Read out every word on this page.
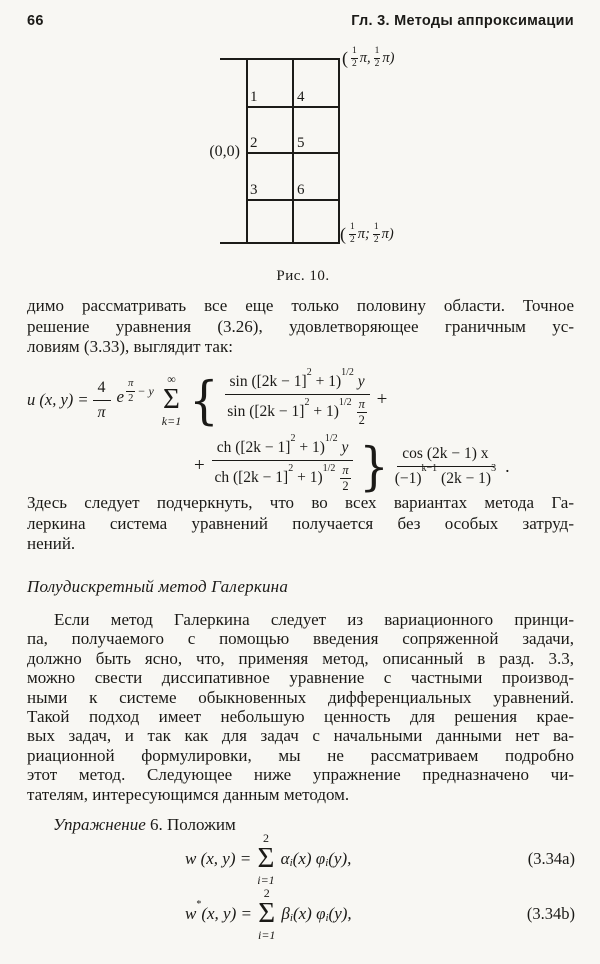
66	Гл. 3. Методы аппроксимации
1	4
2	5
3	6
(0,0)
( 1
2 π, 1
2 π)
( 1
2 π; 1
2 π)
Рис. 10.
димо рассматривать все еще только половину области. Точное
решение уравнения (3.26), удовлетворяющее граничным ус-
ловиям (3.33), выглядит так:
u (x, $y) = \frac{4}{\pi}$ e
π
2
− y
∞
Σ
k=1 { $\frac{\sin ([2k - 1]^2 + 1)^{1/2} y}{\sin ([2k - 1]^2 + 1)^{1/2} \frac{\pi}{2}}$ +
+ $\frac{ch ([2k - 1]^2 + 1)^{1/2} y}{ch ([2k - 1]^2 + 1)^{1/2} \frac{\pi}{2}}$ } $\frac{\cos (2k - 1) x}{(-1)^{k-1} (2k - 1)^3}$ .
Здесь следует подчеркнуть, что во всех вариантах метода Га-
леркина система уравнений получается без особых затруд-
нений.
Полудискретный метод Галеркина
Если метод Галеркина следует из вариационного принци-
па, получаемого с помощью введения сопряженной задачи,
должно быть ясно, что, применяя метод, описанный в разд. 3.3,
можно свести диссипативное уравнение с частными производ-
ными к системе обыкновенных дифференциальных уравнений.
Такой подход имеет небольшую ценность для решения крае-
вых задач, и так как для задач с начальными данными нет ва-
риационной формулировки, мы не рассматриваем подробно
этот метод. Следующее ниже упражнение предназначено чи-
тателям, интересующимся данным методом.
Упражнение 6. Положим
w (x, y) =
2
Σ
i=1
$\alpha_i$ (x) $\varphi_i$ (y),	(3.34a)
w*(x, y) =
2
Σ
i=1
$\beta_i$ (x) $\varphi_i$ (y),	(3.34b)
